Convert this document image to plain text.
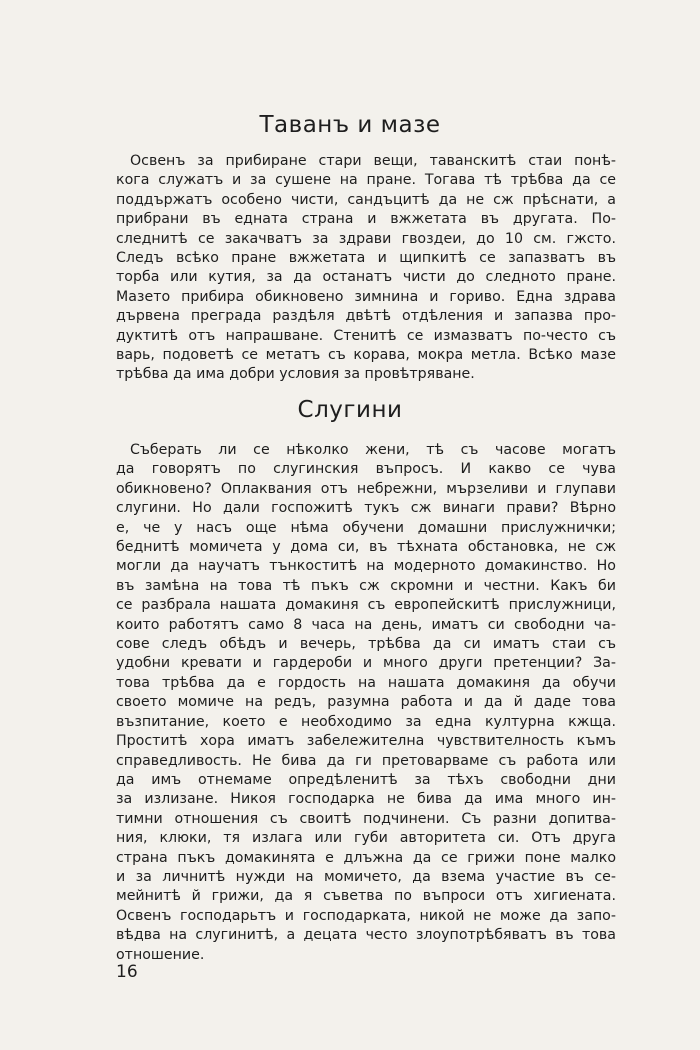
Таванъ и мазе
Освенъ за прибиране стари вещи, таванскитѣ стаи понѣ-
кога служатъ и за сушене на пране. Тогава тѣ трѣбва да се
поддържатъ особено чисти, сандъцитѣ да не сж прѣснати, а
прибрани въ едната страна и вжжетата въ другата. По-
следнитѣ се закачватъ за здрави гвоздеи, до 10 см. гжсто.
Следъ всѣко пране вжжетата и щипкитѣ се запазватъ въ
торба или кутия, за да останатъ чисти до следното пране.
Мазето прибира обикновено зимнина и гориво. Една здрава
дървена преграда раздѣля двѣтѣ отдѣления и запазва про-
дуктитѣ отъ напрашване. Стенитѣ се измазватъ по-често съ
варь, подоветѣ се метатъ съ корава, мокра метла. Всѣко мазе
трѣбва да има добри условия за провѣтряване.
Слугини
Съберать ли се нѣколко жени, тѣ съ часове могатъ
да говорятъ по слугинския въпросъ. И какво се чува
обикновено? Оплаквания отъ небрежни, мързеливи и глупави
слугини. Но дали госпожитѣ тукъ сж винаги прави? Вѣрно
е, че у насъ още нѣма обучени домашни прислужнички;
беднитѣ момичета у дома си, въ тѣхната обстановка, не сж
могли да научатъ тънкоститѣ на модерното домакинство. Но
въ замѣна на това тѣ пъкъ сж скромни и честни. Какъ би
се разбрала нашата домакиня съ европейскитѣ прислужници,
които работятъ само 8 часа на день, иматъ си свободни ча-
сове следъ обѣдъ и вечерь, трѣбва да си иматъ стаи съ
удобни кревати и гардероби и много други претенции? За-
това трѣбва да е гордость на нашата домакиня да обучи
своето момиче на редъ, разумна работа и да й даде това
възпитание, което е необходимо за една културна кжща.
Проститѣ хора иматъ забележителна чувствителность къмъ
справедливость. Не бива да ги претоварваме съ работа или
да имъ отнемаме опредѣленитѣ за тѣхъ свободни дни
за излизане. Никоя господарка не бива да има много ин-
тимни отношения съ своитѣ подчинени. Съ разни допитва-
ния, клюки, тя излага или губи авторитета си. Отъ друга
страна пъкъ домакинята е длъжна да се грижи поне малко
и за личнитѣ нужди на момичето, да взема участие въ се-
мейнитѣ й грижи, да я съветва по въпроси отъ хигиената.
Освенъ господарьтъ и господарката, никой не може да запо-
вѣдва на слугинитѣ, а децата често злоупотрѣбяватъ въ това
отношение.
16
